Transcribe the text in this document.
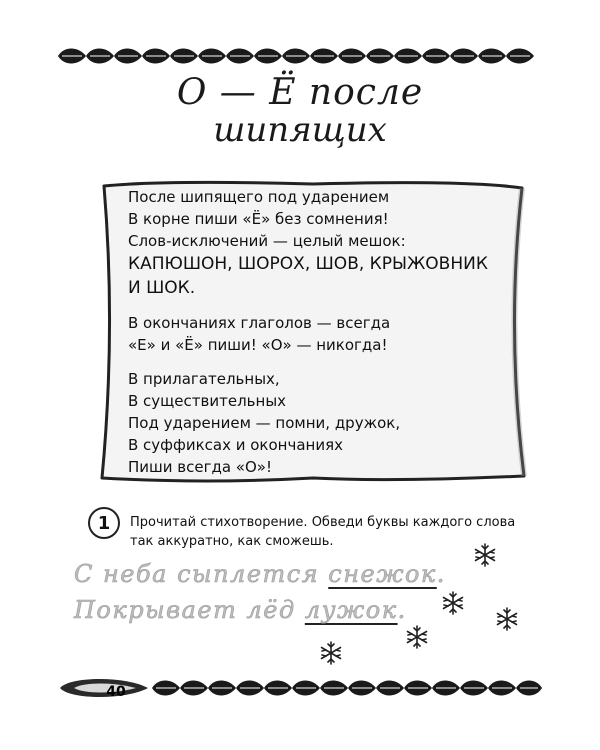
О — Ё после
шипящих
После шипящего под ударением
В корне пиши «Ё» без сомнения!
Слов-исключений — целый мешок:
КАПЮШОН, ШОРОХ, ШОВ, КРЫЖОВНИК
И ШОК.
В окончаниях глаголов — всегда
«Е» и «Ё» пиши! «О» — никогда!
В прилагательных,
В существительных
Под ударением — помни, дружок,
В суффиксах и окончаниях
Пиши всегда «О»!
1	Прочитай стихотворение. Обведи буквы каждого слова
так аккуратно, как сможешь.
С неба сыплется снежок.
Покрывает лёд лужок.
40
